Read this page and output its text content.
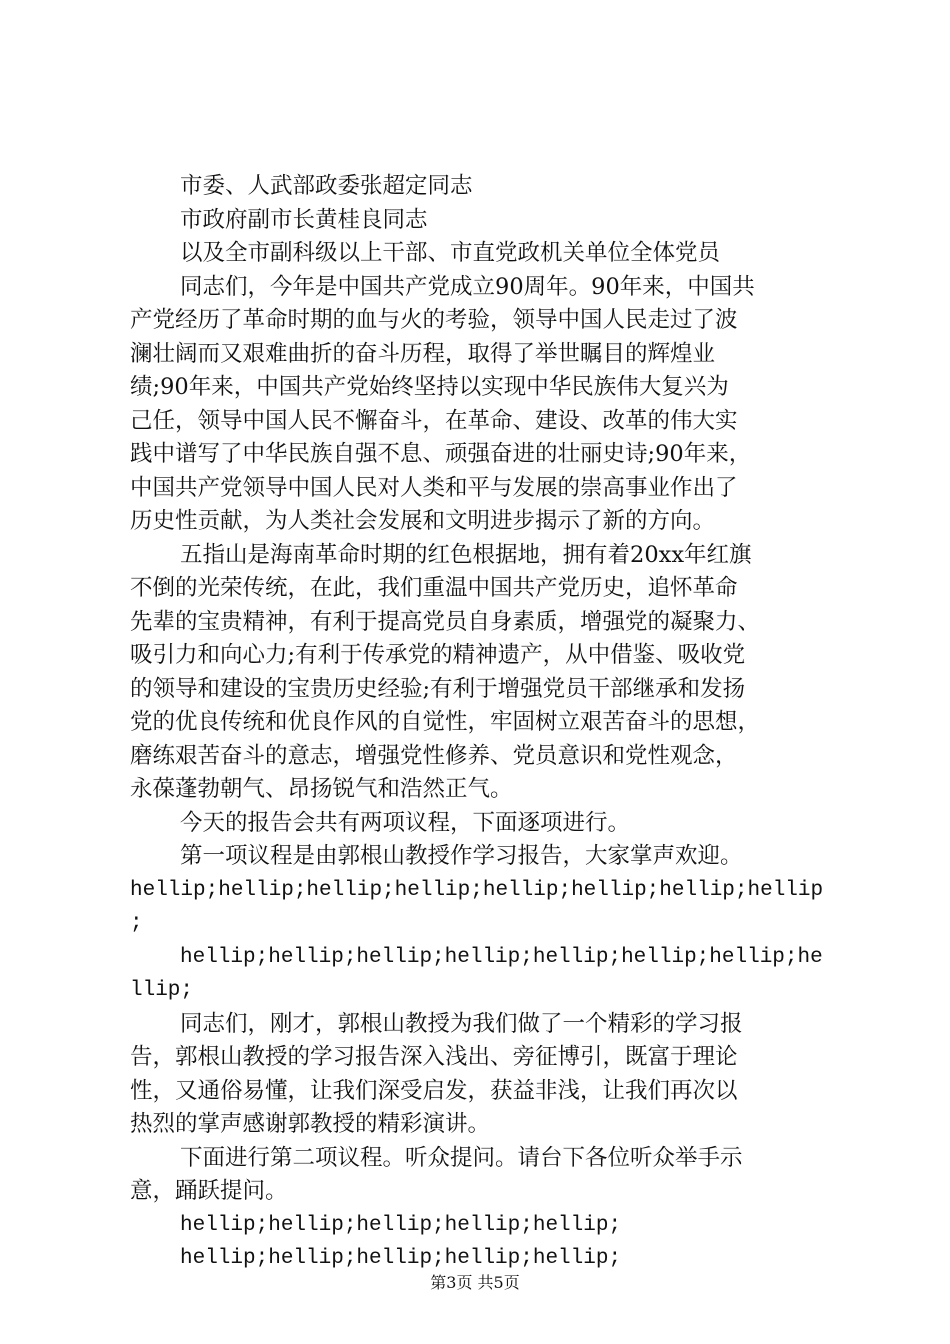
市委、人武部政委张超定同志
市政府副市长黄桂良同志
以及全市副科级以上干部、市直党政机关单位全体党员
同志们，今年是中国共产党成立90周年。90年来，中国共
产党经历了革命时期的血与火的考验，领导中国人民走过了波
澜壮阔而又艰难曲折的奋斗历程，取得了举世瞩目的辉煌业
绩;90年来，中国共产党始终坚持以实现中华民族伟大复兴为
己任，领导中国人民不懈奋斗，在革命、建设、改革的伟大实
践中谱写了中华民族自强不息、顽强奋进的壮丽史诗;90年来，
中国共产党领导中国人民对人类和平与发展的崇高事业作出了
历史性贡献，为人类社会发展和文明进步揭示了新的方向。
五指山是海南革命时期的红色根据地，拥有着20xx年红旗
不倒的光荣传统，在此，我们重温中国共产党历史，追怀革命
先辈的宝贵精神，有利于提高党员自身素质，增强党的凝聚力、
吸引力和向心力;有利于传承党的精神遗产，从中借鉴、吸收党
的领导和建设的宝贵历史经验;有利于增强党员干部继承和发扬
党的优良传统和优良作风的自觉性，牢固树立艰苦奋斗的思想，
磨练艰苦奋斗的意志，增强党性修养、党员意识和党性观念，
永葆蓬勃朝气、昂扬锐气和浩然正气。
今天的报告会共有两项议程，下面逐项进行。
第一项议程是由郭根山教授作学习报告，大家掌声欢迎。
hellip;hellip;hellip;hellip;hellip;hellip;hellip;hellip
;
hellip;hellip;hellip;hellip;hellip;hellip;hellip;he
llip;
同志们，刚才，郭根山教授为我们做了一个精彩的学习报
告，郭根山教授的学习报告深入浅出、旁征博引，既富于理论
性，又通俗易懂，让我们深受启发，获益非浅，让我们再次以
热烈的掌声感谢郭教授的精彩演讲。
下面进行第二项议程。听众提问。请台下各位听众举手示
意，踊跃提问。
hellip;hellip;hellip;hellip;hellip;
hellip;hellip;hellip;hellip;hellip;
第3页 共5页
